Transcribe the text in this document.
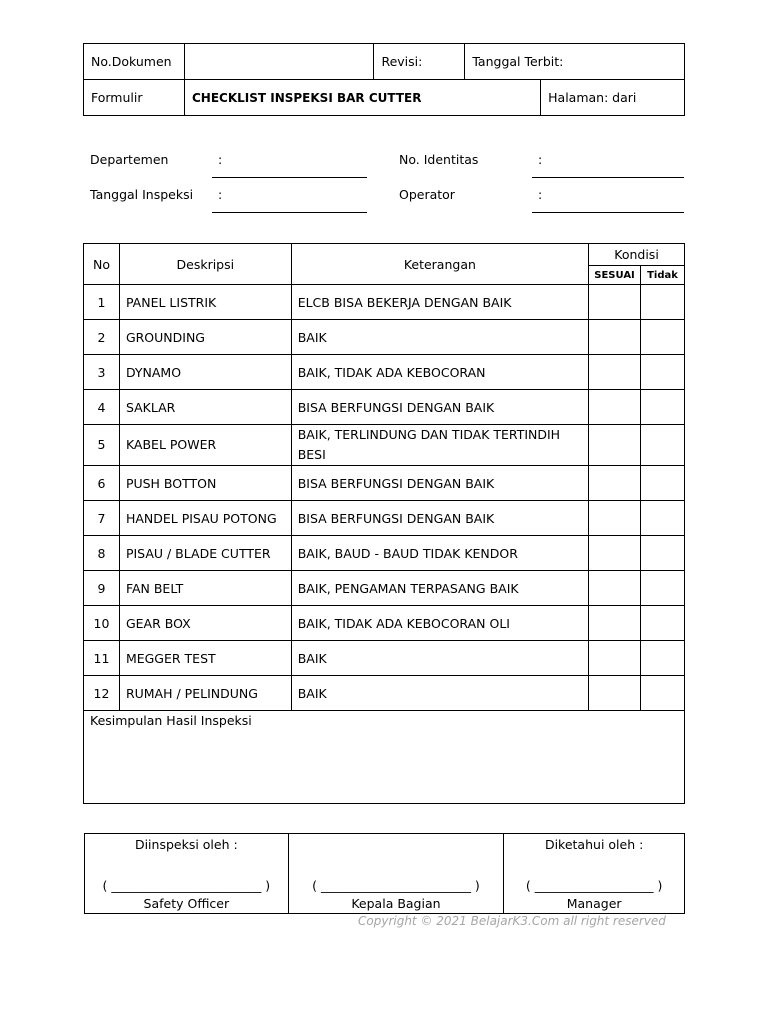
No.Dokumen		Revisi:	Tanggal Terbit:	
Formulir	CHECKLIST INSPEKSI BAR CUTTER			Halaman: dari
Departemen	:
Tanggal Inspeksi :
No. Identitas	:
Operator	:
No	Deskripsi	Keterangan	Kondisi	
			SESUAI	Tidak
1	PANEL LISTRIK	ELCB BISA BEKERJA DENGAN BAIK		
2	GROUNDING	BAIK		
3	DYNAMO	BAIK, TIDAK ADA KEBOCORAN		
4	SAKLAR	BISA BERFUNGSI DENGAN BAIK		
5	KABEL POWER	BAIK, TERLINDUNG DAN TIDAK TERTINDIH BESI		
6	PUSH BOTTON	BISA BERFUNGSI DENGAN BAIK		
7	HANDEL PISAU POTONG	BISA BERFUNGSI DENGAN BAIK		
8	PISAU / BLADE CUTTER	BAIK, BAUD - BAUD TIDAK KENDOR		
9	FAN BELT	BAIK, PENGAMAN TERPASANG BAIK		
10	GEAR BOX	BAIK, TIDAK ADA KEBOCORAN OLI		
11	MEGGER TEST	BAIK		
12	RUMAH / PELINDUNG	BAIK		
Kesimpulan Hasil Inspeksi				
Diinspeksi oleh :
( ________________________ )
Safety Officer

( ________________________ )
Kepala Bagian

Diketahui oleh :
( ___________________ )
Manager
Copyright © 2021 BelajarK3.Com all right reserved
